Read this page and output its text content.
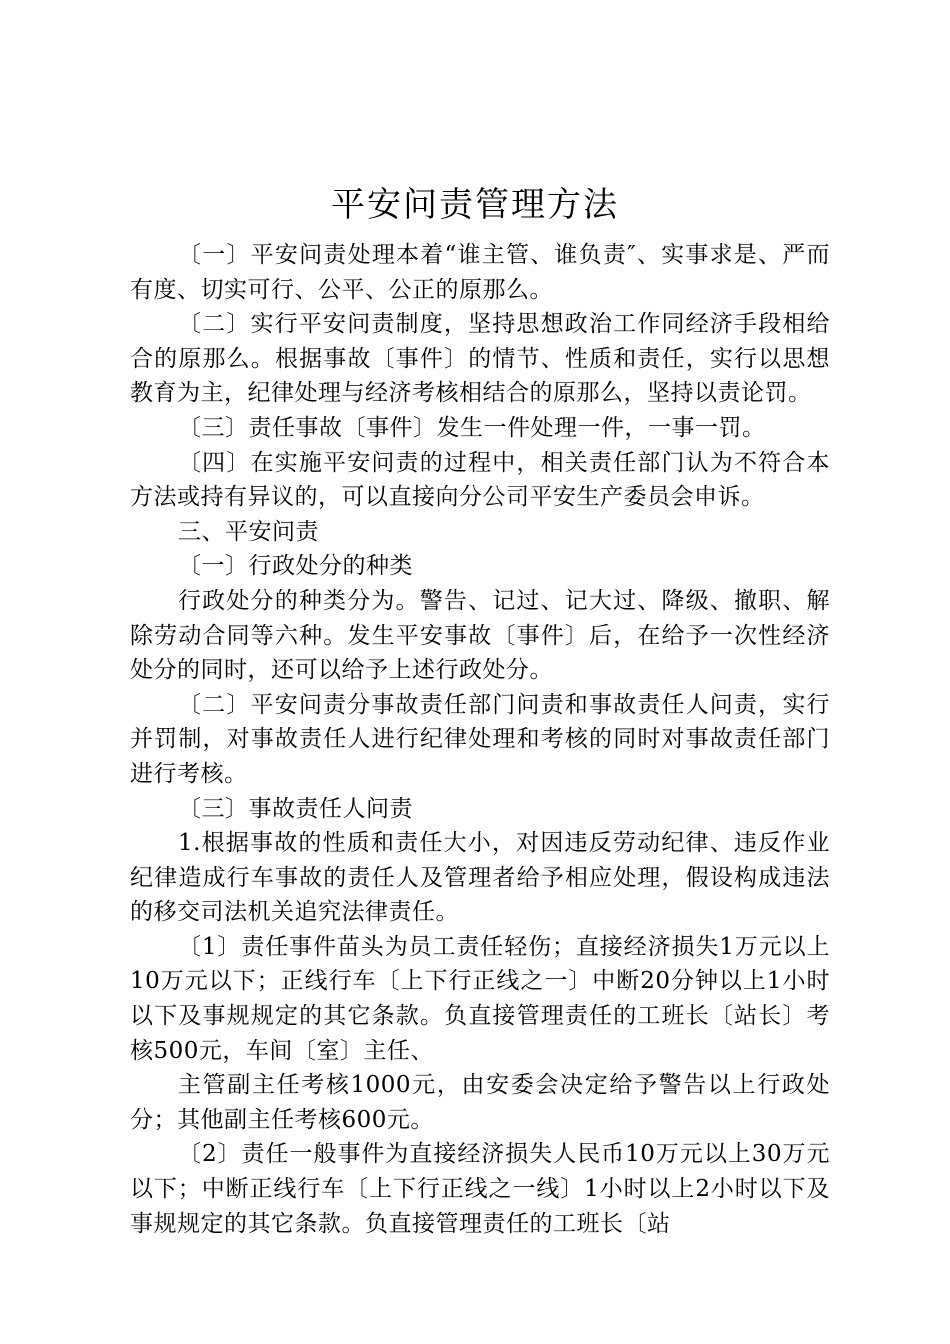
平安问责管理方法

〔一〕平安问责处理本着“谁主管、谁负责″、实事求是、严而有度、切实可行、公平、公正的原那么。

〔二〕实行平安问责制度，坚持思想政治工作同经济手段相给合的原那么。根据事故〔事件〕的情节、性质和责任，实行以思想教育为主，纪律处理与经济考核相结合的原那么，坚持以责论罚。

〔三〕责任事故〔事件〕发生一件处理一件，一事一罚。

〔四〕在实施平安问责的过程中，相关责任部门认为不符合本方法或持有异议的，可以直接向分公司平安生产委员会申诉。

三、平安问责

〔一〕行政处分的种类

行政处分的种类分为。警告、记过、记大过、降级、撤职、解除劳动合同等六种。发生平安事故〔事件〕后，在给予一次性经济处分的同时，还可以给予上述行政处分。

〔二〕平安问责分事故责任部门问责和事故责任人问责，实行并罚制，对事故责任人进行纪律处理和考核的同时对事故责任部门进行考核。

〔三〕事故责任人问责

1.根据事故的性质和责任大小，对因违反劳动纪律、违反作业纪律造成行车事故的责任人及管理者给予相应处理，假设构成违法的移交司法机关追究法律责任。

〔1〕责任事件苗头为员工责任轻伤；直接经济损失1万元以上10万元以下；正线行车〔上下行正线之一〕中断20分钟以上1小时以下及事规规定的其它条款。负直接管理责任的工班长〔站长〕考核500元，车间〔室〕主任、

主管副主任考核1000元，由安委会决定给予警告以上行政处分；其他副主任考核600元。

〔2〕责任一般事件为直接经济损失人民币10万元以上30万元以下；中断正线行车〔上下行正线之一线〕1小时以上2小时以下及事规规定的其它条款。负直接管理责任的工班长〔站
